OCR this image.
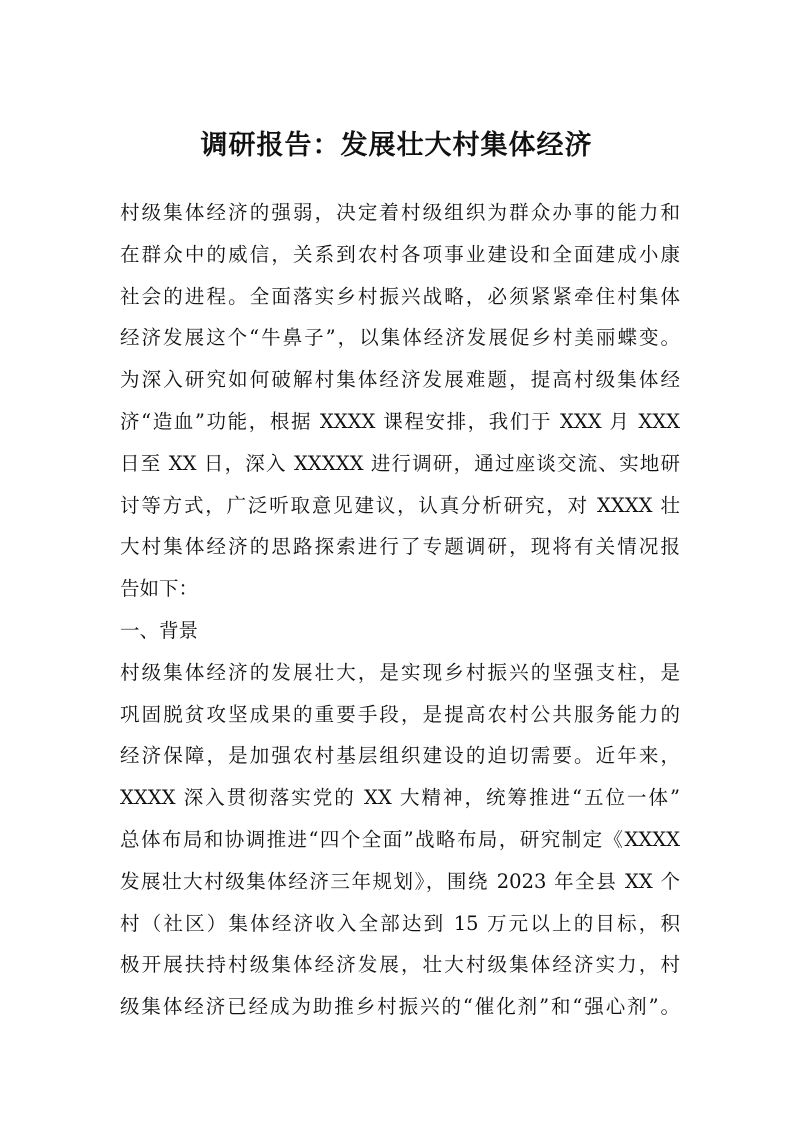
调研报告：发展壮大村集体经济
村级集体经济的强弱，决定着村级组织为群众办事的能力和
在群众中的威信，关系到农村各项事业建设和全面建成小康
社会的进程。全面落实乡村振兴战略，必须紧紧牵住村集体
经济发展这个“牛鼻子”，以集体经济发展促乡村美丽蝶变。
为深入研究如何破解村集体经济发展难题，提高村级集体经
济“造血”功能，根据 XXXX 课程安排，我们于 XXX 月 XXX
日至 XX 日，深入 XXXXX 进行调研，通过座谈交流、实地研
讨等方式，广泛听取意见建议，认真分析研究，对 XXXX 壮
大村集体经济的思路探索进行了专题调研，现将有关情况报
告如下：
一、背景
村级集体经济的发展壮大，是实现乡村振兴的坚强支柱，是
巩固脱贫攻坚成果的重要手段，是提高农村公共服务能力的
经济保障，是加强农村基层组织建设的迫切需要。近年来，
XXXX 深入贯彻落实党的 XX 大精神，统筹推进“五位一体”
总体布局和协调推进“四个全面”战略布局，研究制定《XXXX
发展壮大村级集体经济三年规划》，围绕 2023 年全县 XX 个
村（社区）集体经济收入全部达到 15 万元以上的目标，积
极开展扶持村级集体经济发展，壮大村级集体经济实力，村
级集体经济已经成为助推乡村振兴的“催化剂”和“强心剂”。
